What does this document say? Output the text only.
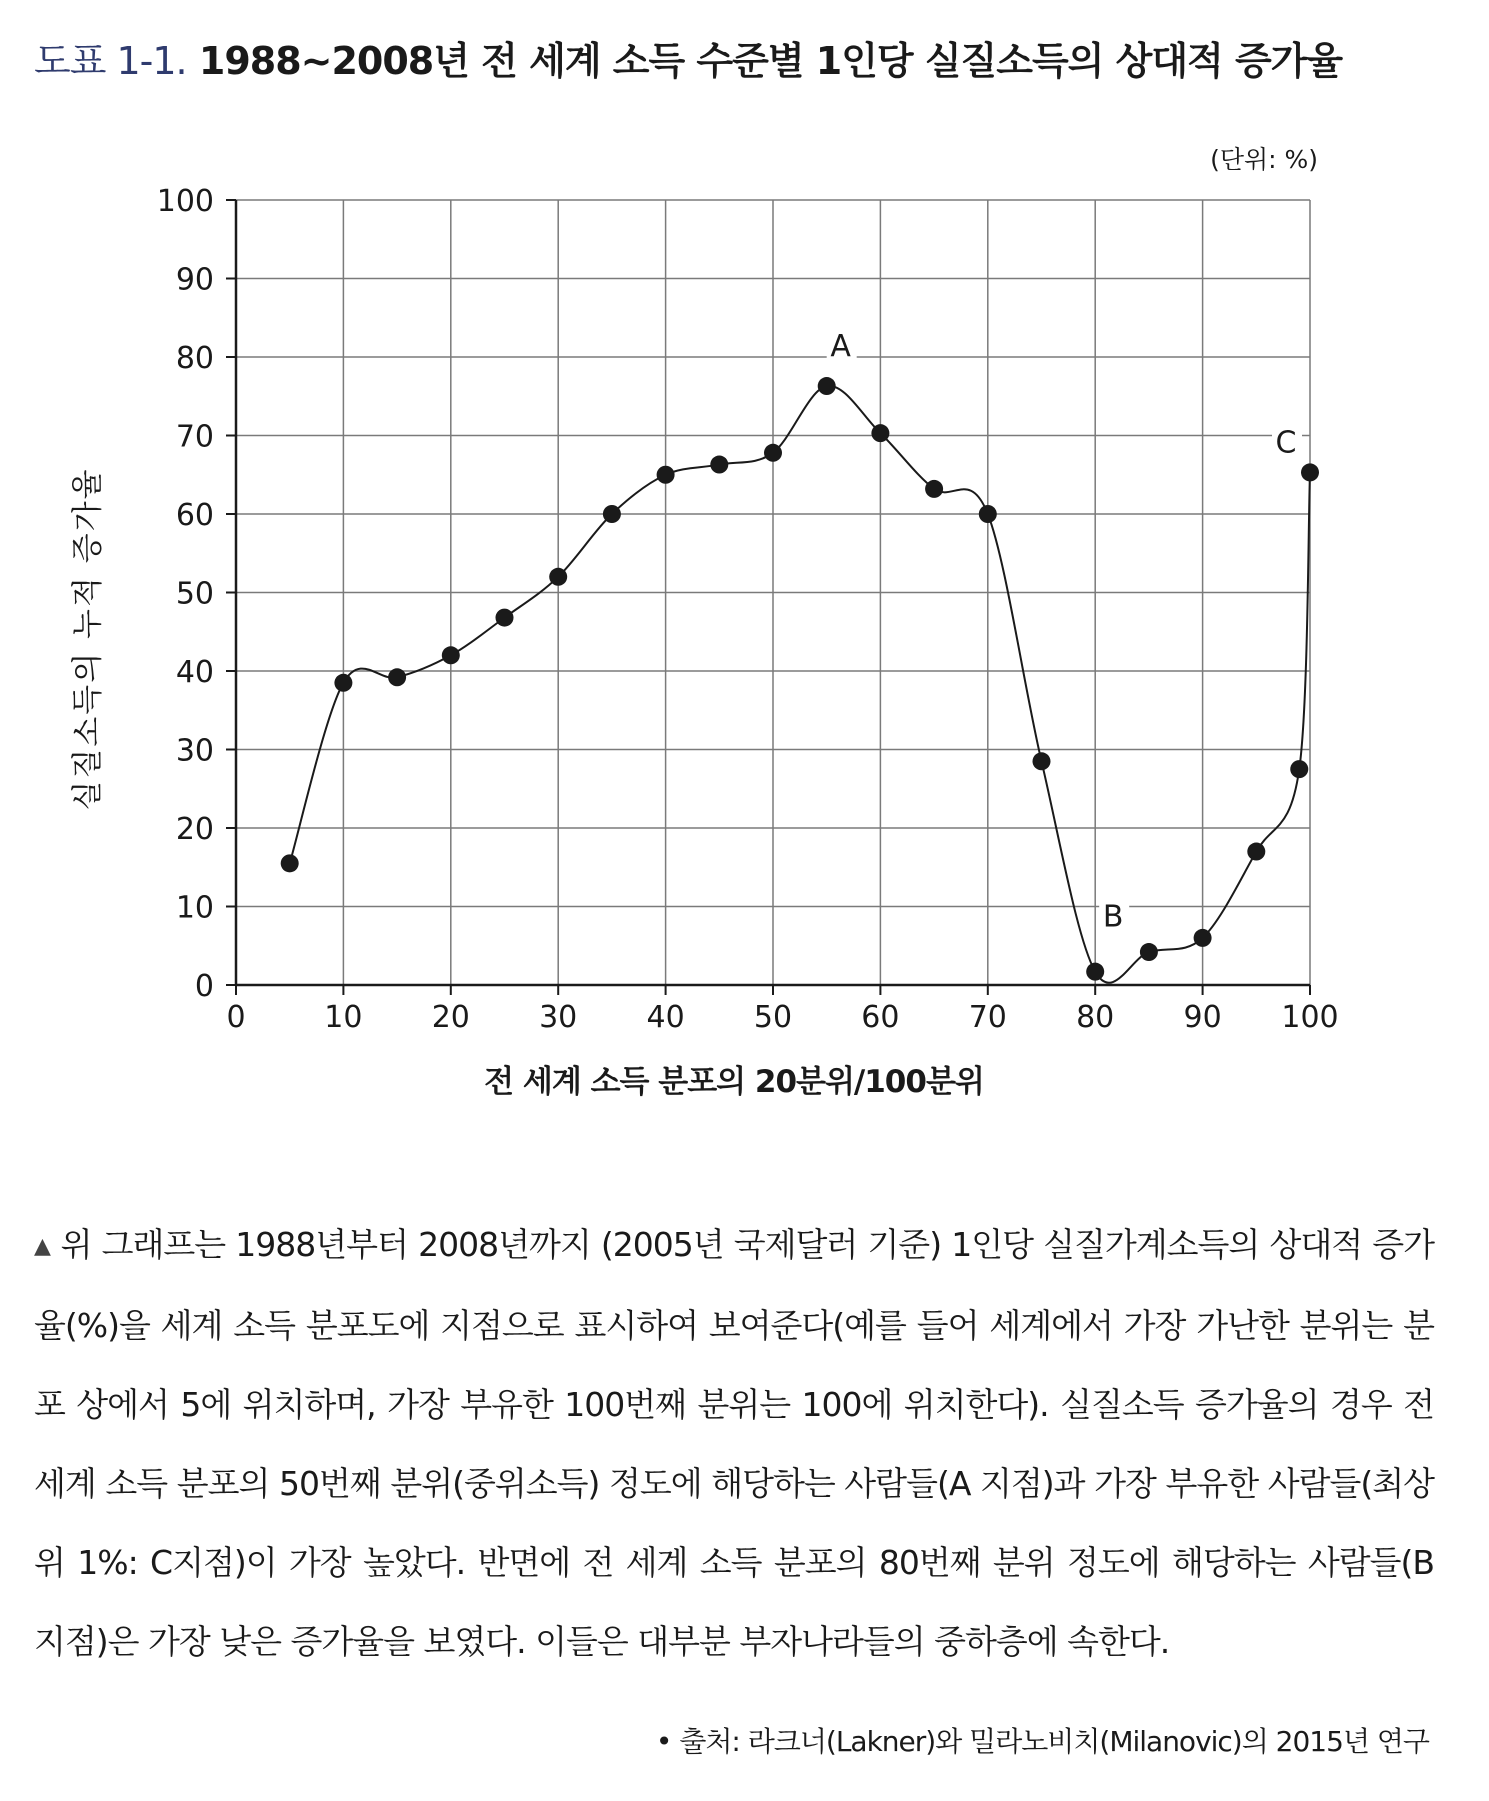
도표 1-1. 1988~2008년 전 세계 소득 수준별 1인당 실질소득의 상대적 증가율
0
10
20
30
40
50
60
70
80
90
100
0	10 20 30 40 50 60 70 80 90 100
A
B
C
(단위: %)
실질소득의 누적 증가율
전 세계 소득 분포의 20분위/100분위
▲ 위 그래프는 1988년부터 2008년까지 (2005년 국제달러 기준) 1인당 실질가계소득의 상대적 증가율(%)을 세계 소득 분포도에 지점으로 표시하여 보여준다(예를 들어 세계에서 가장 가난한 분위는 분포 상에서 5에 위치하며, 가장 부유한 100번째 분위는 100에 위치한다). 실질소득 증가율의 경우 전 세계 소득 분포의 50번째 분위(중위소득) 정도에 해당하는 사람들(A 지점)과 가장 부유한 사람들(최상위 1%: C지점)이 가장 높았다. 반면에 전 세계 소득 분포의 80번째 분위 정도에 해당하는 사람들(B 지점)은 가장 낮은 증가율을 보였다. 이들은 대부분 부자나라들의 중하층에 속한다.
• 출처: 라크너(Lakner)와 밀라노비치(Milanovic)의 2015년 연구
